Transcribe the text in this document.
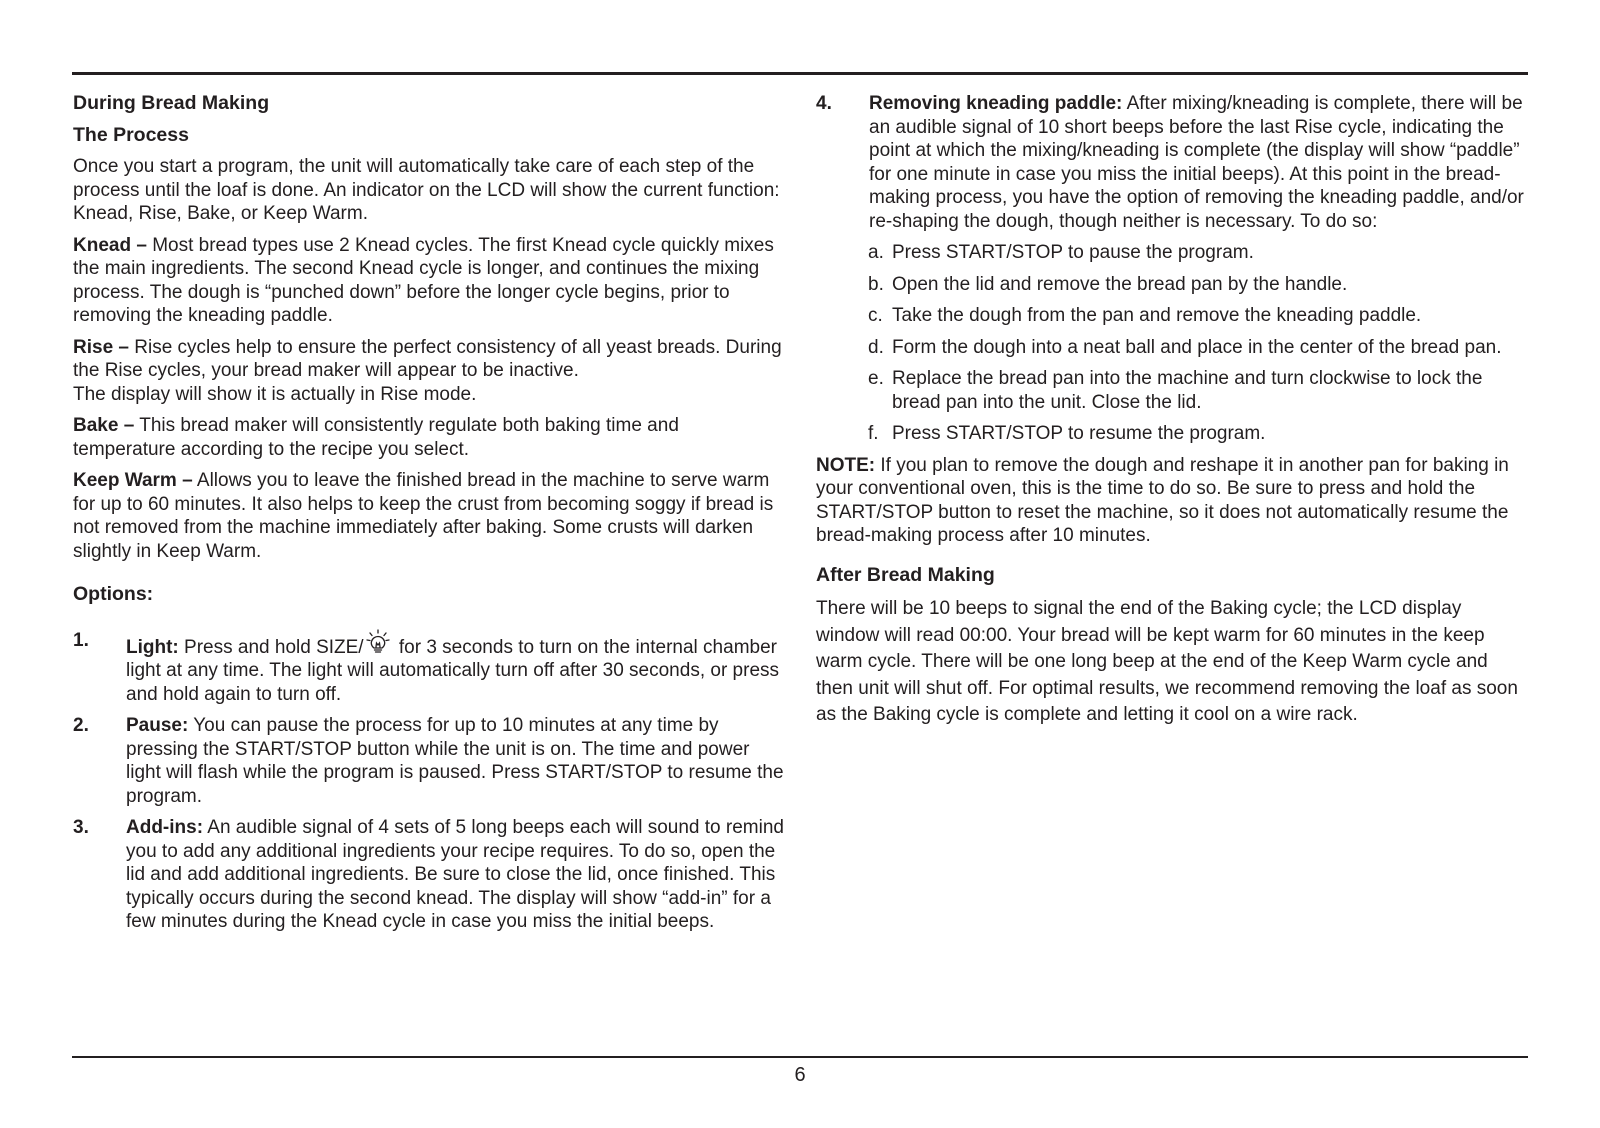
During Bread Making

The Process

Once you start a program, the unit will automatically take care of each step of the process until the loaf is done. An indicator on the LCD will show the current function: Knead, Rise, Bake, or Keep Warm.

Knead – Most bread types use 2 Knead cycles. The first Knead cycle quickly mixes the main ingredients. The second Knead cycle is longer, and continues the mixing process. The dough is “punched down” before the longer cycle begins, prior to removing the kneading paddle.

Rise – Rise cycles help to ensure the perfect consistency of all yeast breads. During the Rise cycles, your bread maker will appear to be inactive.
The display will show it is actually in Rise mode.

Bake – This bread maker will consistently regulate both baking time and temperature according to the recipe you select.

Keep Warm – Allows you to leave the finished bread in the machine to serve warm for up to 60 minutes. It also helps to keep the crust from becoming soggy if bread is not removed from the machine immediately after baking. Some crusts will darken slightly in Keep Warm.

Options:

1.	Light: Press and hold SIZE/ for 3 seconds to turn on the internal chamber light at any time. The light will automatically turn off after 30 seconds, or press and hold again to turn off.
2.	Pause: You can pause the process for up to 10 minutes at any time by pressing the START/STOP button while the unit is on. The time and power light will flash while the program is paused. Press START/STOP to resume the program.
3.	Add-ins: An audible signal of 4 sets of 5 long beeps each will sound to remind you to add any additional ingredients your recipe requires. To do so, open the lid and add additional ingredients. Be sure to close the lid, once finished. This typically occurs during the second knead. The display will show “add-in” for a few minutes during the Knead cycle in case you miss the initial beeps.
4.	Removing kneading paddle: After mixing/kneading is complete, there will be an audible signal of 10 short beeps before the last Rise cycle, indicating the point at which the mixing/kneading is complete (the display will show “paddle” for one minute in case you miss the initial beeps). At this point in the bread-making process, you have the option of removing the kneading paddle, and/or re-shaping the dough, though neither is necessary. To do so:
a. Press START/STOP to pause the program.
b. Open the lid and remove the bread pan by the handle.
c. Take the dough from the pan and remove the kneading paddle.
d. Form the dough into a neat ball and place in the center of the bread pan.
e. Replace the bread pan into the machine and turn clockwise to lock the bread pan into the unit. Close the lid.
f. Press START/STOP to resume the program.

NOTE: If you plan to remove the dough and reshape it in another pan for baking in your conventional oven, this is the time to do so. Be sure to press and hold the START/STOP button to reset the machine, so it does not automatically resume the bread-making process after 10 minutes.

After Bread Making

There will be 10 beeps to signal the end of the Baking cycle; the LCD display window will read 00:00. Your bread will be kept warm for 60 minutes in the keep warm cycle. There will be one long beep at the end of the Keep Warm cycle and then unit will shut off. For optimal results, we recommend removing the loaf as soon as the Baking cycle is complete and letting it cool on a wire rack.

6
